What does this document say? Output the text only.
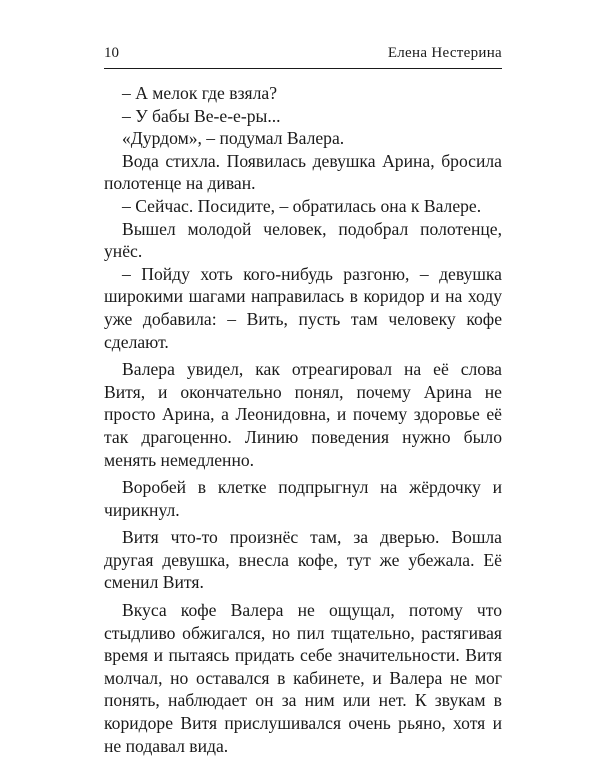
10	Елена Нестерина

– А мелок где взяла?

– У бабы Ве-е-е-ры...

«Дурдом», – подумал Валера.

Вода стихла. Появилась девушка Арина, бросила полотенце на диван.

– Сейчас. Посидите, – обратилась она к Валере.

Вышел молодой человек, подобрал полотенце, унёс.

– Пойду хоть кого-нибудь разгоню, – девушка широкими шагами направилась в коридор и на ходу уже добавила: – Вить, пусть там человеку кофе сделают.

Валера увидел, как отреагировал на её слова Витя, и окончательно понял, почему Арина не просто Арина, а Леонидовна, и почему здоровье её так драгоценно. Линию поведения нужно было менять немедленно.

Воробей в клетке подпрыгнул на жёрдочку и чирикнул.

Витя что-то произнёс там, за дверью. Вошла другая девушка, внесла кофе, тут же убежала. Её сменил Витя.

Вкуса кофе Валера не ощущал, потому что стыдливо обжигался, но пил тщательно, растягивая время и пытаясь придать себе значительности. Витя молчал, но оставался в кабинете, и Валера не мог понять, наблюдает он за ним или нет. К звукам в коридоре Витя прислушивался очень рьяно, хотя и не подавал вида.
